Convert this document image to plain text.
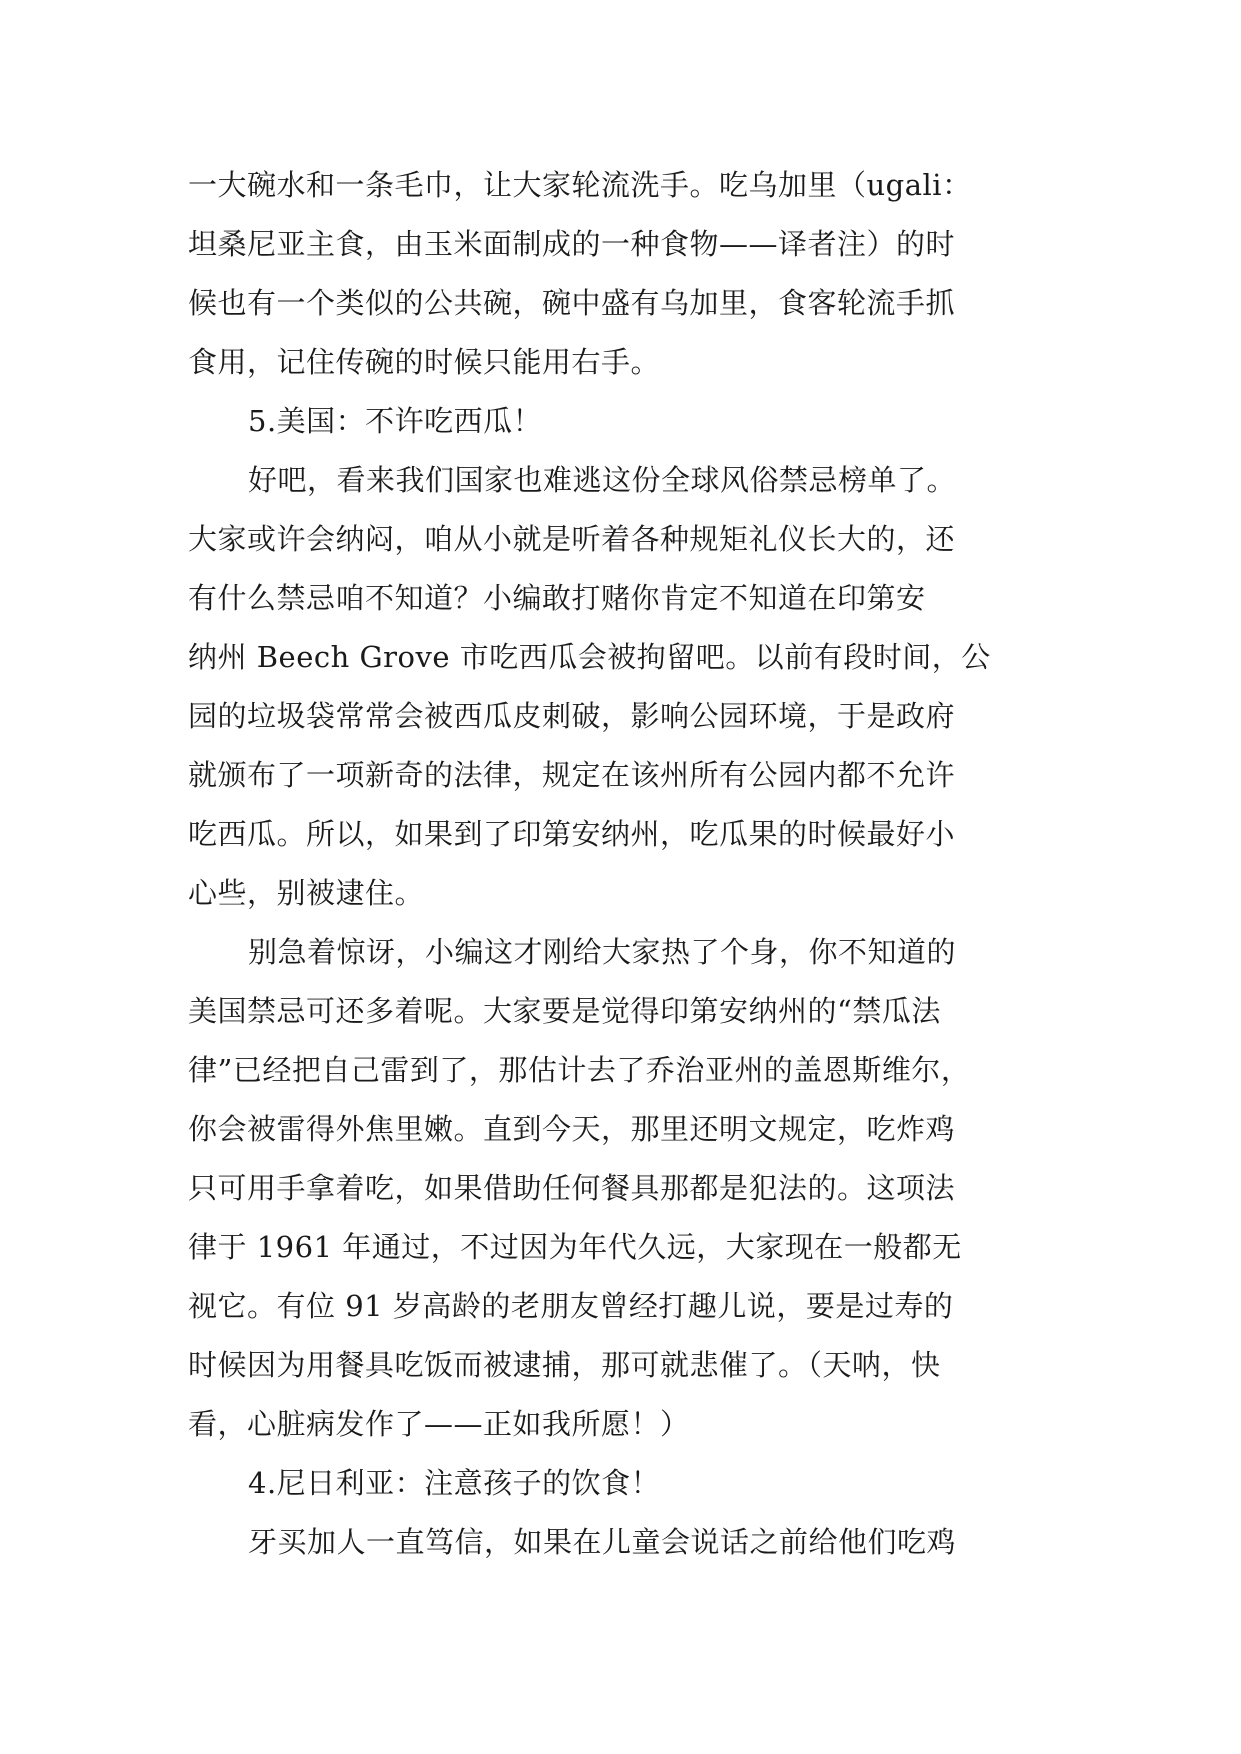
一大碗水和一条毛巾，让大家轮流洗手。吃乌加里（ugali：
坦桑尼亚主食，由玉米面制成的一种食物——译者注）的时
候也有一个类似的公共碗，碗中盛有乌加里，食客轮流手抓
食用，记住传碗的时候只能用右手。
5.美国：不许吃西瓜！
好吧，看来我们国家也难逃这份全球风俗禁忌榜单了。
大家或许会纳闷，咱从小就是听着各种规矩礼仪长大的，还
有什么禁忌咱不知道？小编敢打赌你肯定不知道在印第安
纳州 Beech Grove 市吃西瓜会被拘留吧。以前有段时间，公
园的垃圾袋常常会被西瓜皮刺破，影响公园环境，于是政府
就颁布了一项新奇的法律，规定在该州所有公园内都不允许
吃西瓜。所以，如果到了印第安纳州，吃瓜果的时候最好小
心些，别被逮住。
别急着惊讶，小编这才刚给大家热了个身，你不知道的
美国禁忌可还多着呢。大家要是觉得印第安纳州的“禁瓜法
律”已经把自己雷到了，那估计去了乔治亚州的盖恩斯维尔，
你会被雷得外焦里嫩。直到今天，那里还明文规定，吃炸鸡
只可用手拿着吃，如果借助任何餐具那都是犯法的。这项法
律于 1961 年通过，不过因为年代久远，大家现在一般都无
视它。有位 91 岁高龄的老朋友曾经打趣儿说，要是过寿的
时候因为用餐具吃饭而被逮捕，那可就悲催了。（天呐，快
看，心脏病发作了——正如我所愿！）
4.尼日利亚：注意孩子的饮食！
牙买加人一直笃信，如果在儿童会说话之前给他们吃鸡
